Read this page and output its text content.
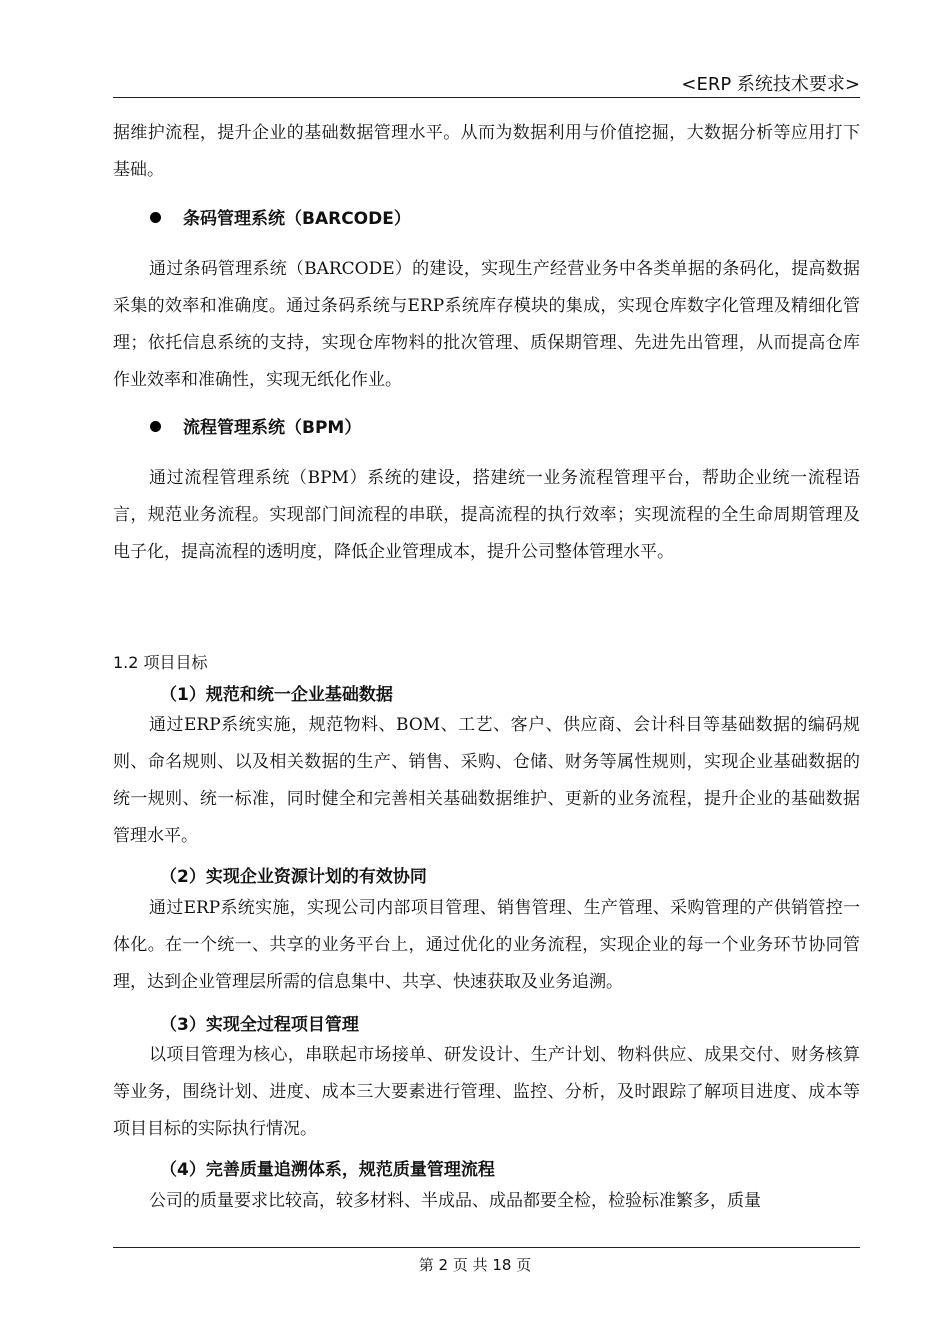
<ERP 系统技术要求>

据维护流程，提升企业的基础数据管理水平。从而为数据利用与价值挖掘，大数据分析等应用打下基础。

条码管理系统（BARCODE）

通过条码管理系统（BARCODE）的建设，实现生产经营业务中各类单据的条码化，提高数据采集的效率和准确度。通过条码系统与ERP系统库存模块的集成，实现仓库数字化管理及精细化管理；依托信息系统的支持，实现仓库物料的批次管理、质保期管理、先进先出管理，从而提高仓库作业效率和准确性，实现无纸化作业。

流程管理系统（BPM）

通过流程管理系统（BPM）系统的建设，搭建统一业务流程管理平台，帮助企业统一流程语言，规范业务流程。实现部门间流程的串联，提高流程的执行效率；实现流程的全生命周期管理及电子化，提高流程的透明度，降低企业管理成本，提升公司整体管理水平。

1.2 项目目标

（1）规范和统一企业基础数据

通过ERP系统实施，规范物料、BOM、工艺、客户、供应商、会计科目等基础数据的编码规则、命名规则、以及相关数据的生产、销售、采购、仓储、财务等属性规则，实现企业基础数据的统一规则、统一标准，同时健全和完善相关基础数据维护、更新的业务流程，提升企业的基础数据管理水平。

（2）实现企业资源计划的有效协同

通过ERP系统实施，实现公司内部项目管理、销售管理、生产管理、采购管理的产供销管控一体化。在一个统一、共享的业务平台上，通过优化的业务流程，实现企业的每一个业务环节协同管理，达到企业管理层所需的信息集中、共享、快速获取及业务追溯。

（3）实现全过程项目管理

以项目管理为核心，串联起市场接单、研发设计、生产计划、物料供应、成果交付、财务核算等业务，围绕计划、进度、成本三大要素进行管理、监控、分析，及时跟踪了解项目进度、成本等项目目标的实际执行情况。

（4）完善质量追溯体系，规范质量管理流程

公司的质量要求比较高，较多材料、半成品、成品都要全检，检验标准繁多，质量

第 2 页 共 18 页
